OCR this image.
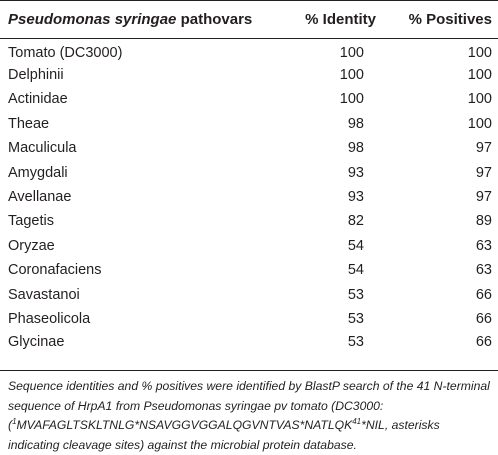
Pseudomonas syringae pathovars	% Identity	% Positives
Tomato (DC3000)	100	100
Delphinii	100	100
Actinidae	100	100
Theae	98	100
Maculicula	98	97
Amygdali	93	97
Avellanae	93	97
Tagetis	82	89
Oryzae	54	63
Coronafaciens	54	63
Savastanoi	53	66
Phaseolicola	53	66
Glycinae	53	66
Sequence identities and % positives were identified by BlastP search of the 41 N-terminal sequence of HrpA1 from Pseudomonas syringae pv tomato (DC3000: ($^1$MVAFAGLTSKLTNLG*NSAVGGVGGALQGVNTVAS*NATLQK$^{41}$*NIL, asterisks indicating cleavage sites) against the microbial protein database.
